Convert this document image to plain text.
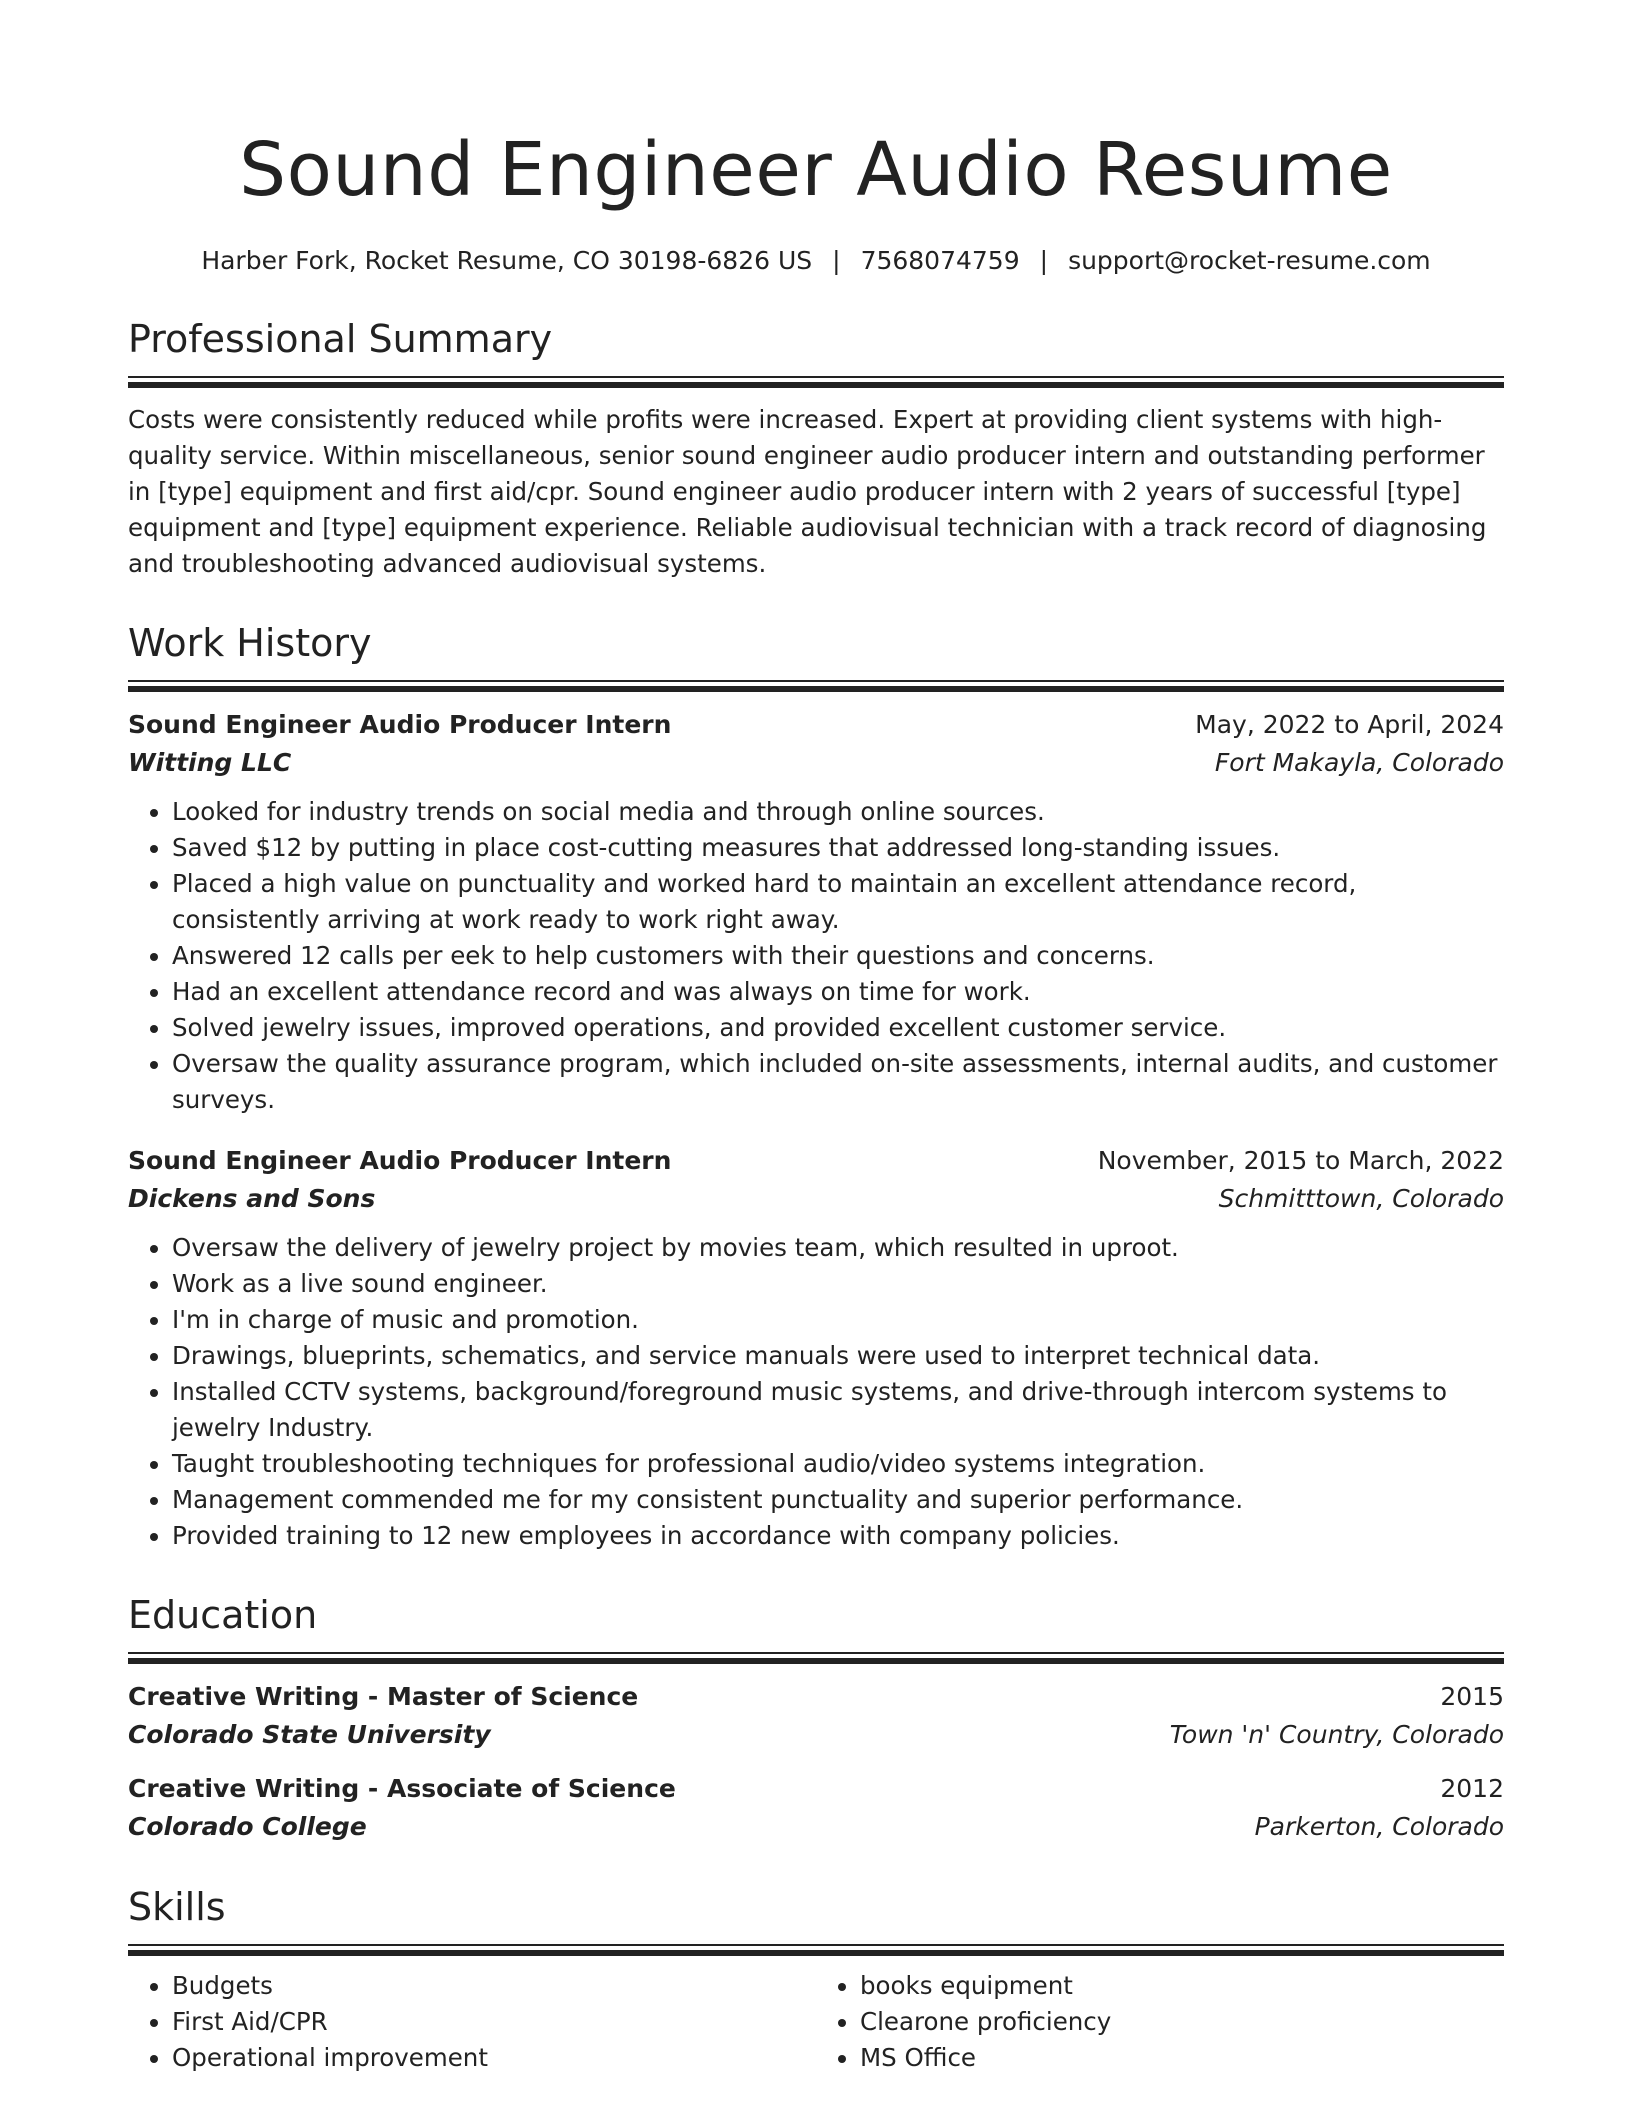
Sound Engineer Audio Resume
Harber Fork, Rocket Resume, CO 30198-6826 US | 7568074759 | support@rocket-resume.com
Professional Summary
Costs were consistently reduced while profits were increased. Expert at providing client systems with high-quality service. Within miscellaneous, senior sound engineer audio producer intern and outstanding performer in [type] equipment and first aid/cpr. Sound engineer audio producer intern with 2 years of successful [type] equipment and [type] equipment experience. Reliable audiovisual technician with a track record of diagnosing and troubleshooting advanced audiovisual systems.
Work History
Sound Engineer Audio Producer Intern	May, 2022 to April, 2024
Witting LLC	Fort Makayla, Colorado
• Looked for industry trends on social media and through online sources.
• Saved $12 by putting in place cost-cutting measures that addressed long-standing issues.
• Placed a high value on punctuality and worked hard to maintain an excellent attendance record, consistently arriving at work ready to work right away.
• Answered 12 calls per eek to help customers with their questions and concerns.
• Had an excellent attendance record and was always on time for work.
• Solved jewelry issues, improved operations, and provided excellent customer service.
• Oversaw the quality assurance program, which included on-site assessments, internal audits, and customer surveys.
Sound Engineer Audio Producer Intern	November, 2015 to March, 2022
Dickens and Sons	Schmitttown, Colorado
• Oversaw the delivery of jewelry project by movies team, which resulted in uproot.
• Work as a live sound engineer.
• I'm in charge of music and promotion.
• Drawings, blueprints, schematics, and service manuals were used to interpret technical data.
• Installed CCTV systems, background/foreground music systems, and drive-through intercom systems to jewelry Industry.
• Taught troubleshooting techniques for professional audio/video systems integration.
• Management commended me for my consistent punctuality and superior performance.
• Provided training to 12 new employees in accordance with company policies.
Education
Creative Writing - Master of Science	2015
Colorado State University	Town 'n' Country, Colorado
Creative Writing - Associate of Science	2012
Colorado College	Parkerton, Colorado
Skills
• Budgets
• First Aid/CPR
• Operational improvement
• books equipment
• Clearone proficiency
• MS Office
